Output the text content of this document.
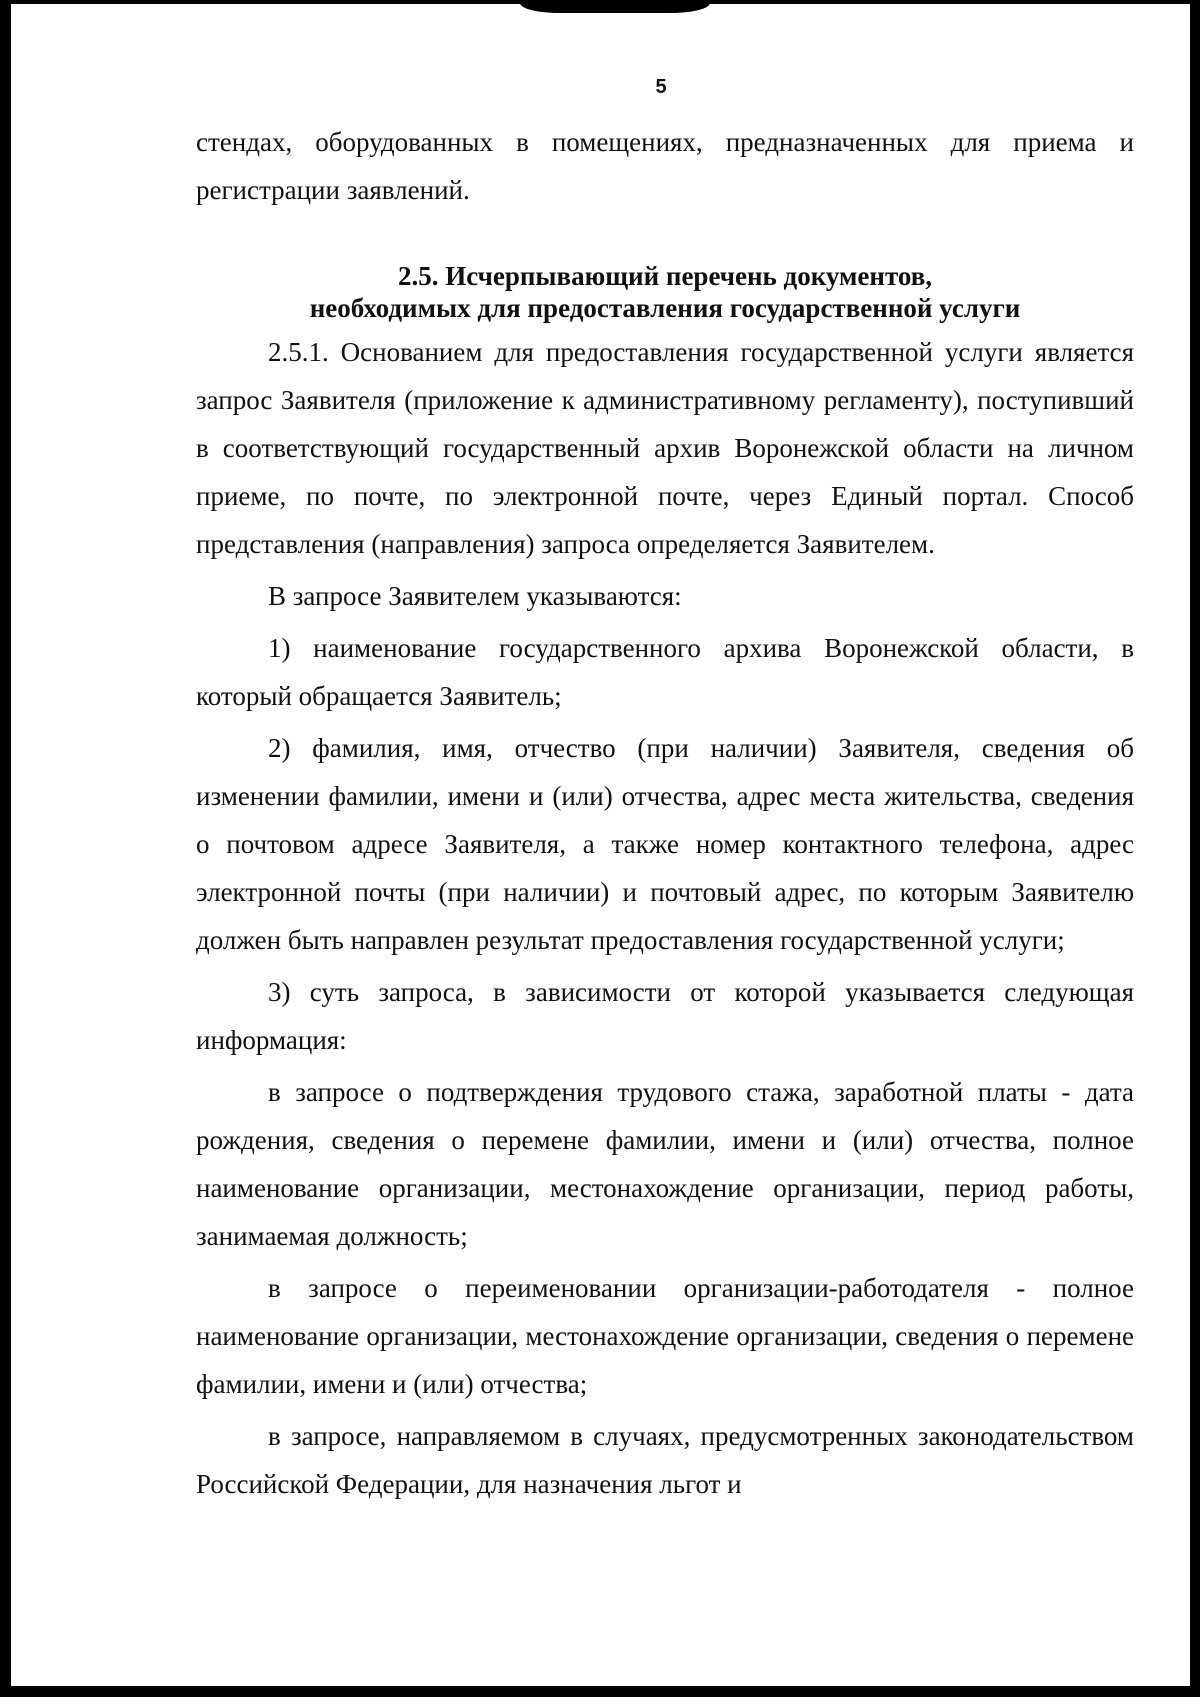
5

стендах, оборудованных в помещениях, предназначенных для приема и регистрации заявлений.

2.5. Исчерпывающий перечень документов,
необходимых для предоставления государственной услуги

2.5.1. Основанием для предоставления государственной услуги является запрос Заявителя (приложение к административному регламенту), поступивший в соответствующий государственный архив Воронежской области на личном приеме, по почте, по электронной почте, через Единый портал. Способ представления (направления) запроса определяется Заявителем.

В запросе Заявителем указываются:

1) наименование государственного архива Воронежской области, в который обращается Заявитель;

2) фамилия, имя, отчество (при наличии) Заявителя, сведения об изменении фамилии, имени и (или) отчества, адрес места жительства, сведения о почтовом адресе Заявителя, а также номер контактного телефона, адрес электронной почты (при наличии) и почтовый адрес, по которым Заявителю должен быть направлен результат предоставления государственной услуги;

3) суть запроса, в зависимости от которой указывается следующая информация:

в запросе о подтверждения трудового стажа, заработной платы - дата рождения, сведения о перемене фамилии, имени и (или) отчества, полное наименование организации, местонахождение организации, период работы, занимаемая должность;

в запросе о переименовании организации-работодателя - полное наименование организации, местонахождение организации, сведения о перемене фамилии, имени и (или) отчества;

в запросе, направляемом в случаях, предусмотренных законодательством Российской Федерации, для назначения льгот и
